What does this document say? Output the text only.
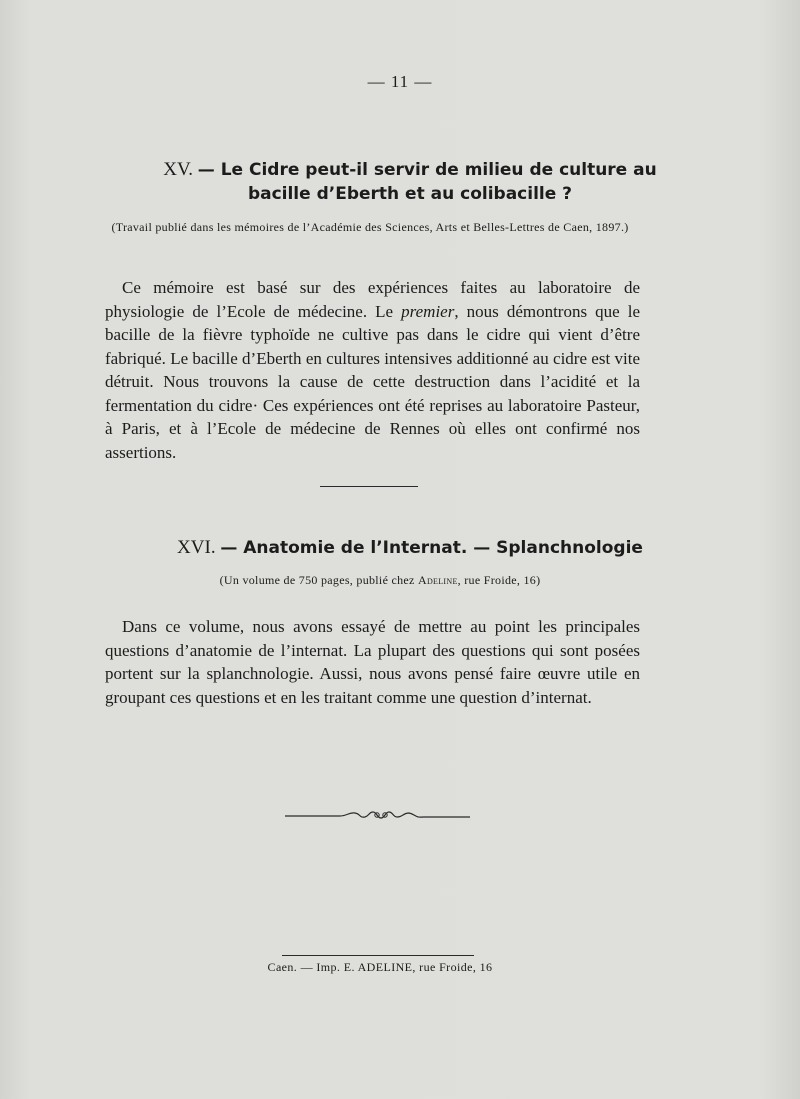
— 11 —
XV. — Le Cidre peut-il servir de milieu de culture au
bacille d’Eberth et au colibacille ?
(Travail publié dans les mémoires de l’Académie des Sciences, Arts et Belles-Lettres de Caen, 1897.)
Ce mémoire est basé sur des expériences faites au laboratoire de physiologie de l’Ecole de médecine. Le premier, nous démontrons que le bacille de la fièvre typhoïde ne cultive pas dans le cidre qui vient d’être fabriqué. Le bacille d’Eberth en cultures intensives additionné au cidre est vite détruit. Nous trouvons la cause de cette destruction dans l’acidité et la fermentation du cidre· Ces expériences ont été reprises au laboratoire Pasteur, à Paris, et à l’Ecole de médecine de Rennes où elles ont confirmé nos assertions.
XVI. — Anatomie de l’Internat. — Splanchnologie
(Un volume de 750 pages, publié chez Adeline, rue Froide, 16)
Dans ce volume, nous avons essayé de mettre au point les principales questions d’anatomie de l’internat. La plupart des questions qui sont posées portent sur la splanchnologie. Aussi, nous avons pensé faire œuvre utile en groupant ces questions et en les traitant comme une question d’internat.
Caen. — Imp. E. ADELINE, rue Froide, 16
